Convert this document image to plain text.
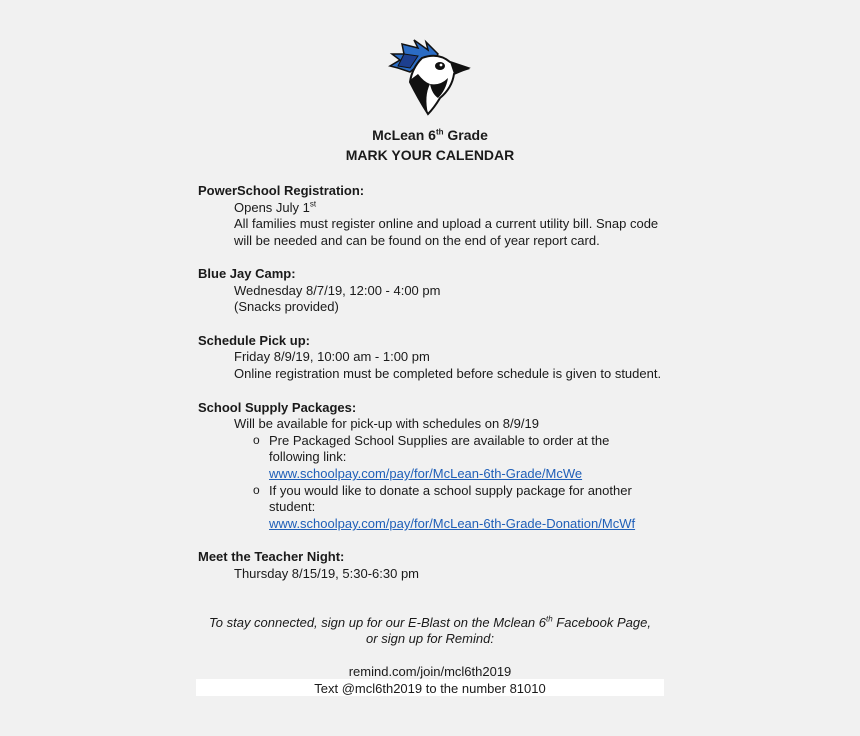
McLean 6th Grade
MARK YOUR CALENDAR
PowerSchool Registration:
Opens July 1st
All families must register online and upload a current utility bill. Snap code
will be needed and can be found on the end of year report card.
Blue Jay Camp:
Wednesday 8/7/19, 12:00 - 4:00 pm
(Snacks provided)
Schedule Pick up:
Friday 8/9/19, 10:00 am - 1:00 pm
Online registration must be completed before schedule is given to student.
School Supply Packages:
Will be available for pick-up with schedules on 8/9/19
o Pre Packaged School Supplies are available to order at the
following link:
www.schoolpay.com/pay/for/McLean-6th-Grade/McWe
o If you would like to donate a school supply package for another
student:
www.schoolpay.com/pay/for/McLean-6th-Grade-Donation/McWf
Meet the Teacher Night:
Thursday 8/15/19, 5:30-6:30 pm
To stay connected, sign up for our E-Blast on the Mclean 6th Facebook Page,
or sign up for Remind:
remind.com/join/mcl6th2019
Text @mcl6th2019 to the number 81010
